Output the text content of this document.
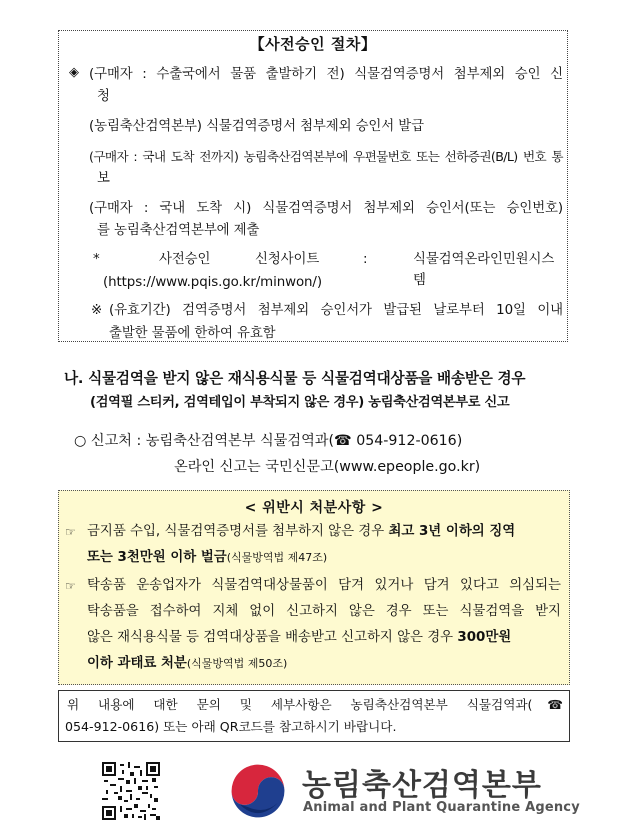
【사전승인 절차】
◈ (구매자 : 수출국에서 물품 출발하기 전) 식물검역증명서 첨부제외 승인 신
청
(농림축산검역본부) 식물검역증명서 첨부제외 승인서 발급
(구매자 : 국내 도착 전까지) 농림축산검역본부에 우편물번호 또는 선하증권(B/L) 번호 통
보
(구매자 : 국내 도착 시) 식물검역증명서 첨부제외 승인서(또는 승인번호)
를 농림축산검역본부에 제출
*	사전승인	신청사이트	:	식물검역온라인민원시스템
(https://www.pqis.go.kr/minwon/)
※ (유효기간) 검역증명서 첨부제외 승인서가 발급된 날로부터 10일 이내
출발한 물품에 한하여 유효함
나. 식물검역을 받지 않은 재식용식물 등 식물검역대상품을 배송받은 경우
(검역필 스티커, 검역테입이 부착되지 않은 경우) 농림축산검역본부로 신고
○ 신고처 : 농림축산검역본부 식물검역과(☎ 054-912-0616)
온라인 신고는 국민신문고(www.epeople.go.kr)
< 위반시 처분사항 >
☞ 금지품 수입, 식물검역증명서를 첨부하지 않은 경우 최고 3년 이하의 징역
또는 3천만원 이하 벌금(식물방역법 제47조)
☞ 탁송품 운송업자가 식물검역대상물품이 담겨 있거나 담겨 있다고 의심되는
탁송품을 접수하여 지체 없이 신고하지 않은 경우 또는 식물검역을 받지
않은 재식용식물 등 검역대상품을 배송받고 신고하지 않은 경우 300만원
이하 과태료 처분(식물방역법 제50조)
위 내용에 대한 문의 및 세부사항은 농림축산검역본부 식물검역과(☎
054-912-0616) 또는 아래 QR코드를 참고하시기 바랍니다.
농림축산검역본부
Animal and Plant Quarantine Agency
